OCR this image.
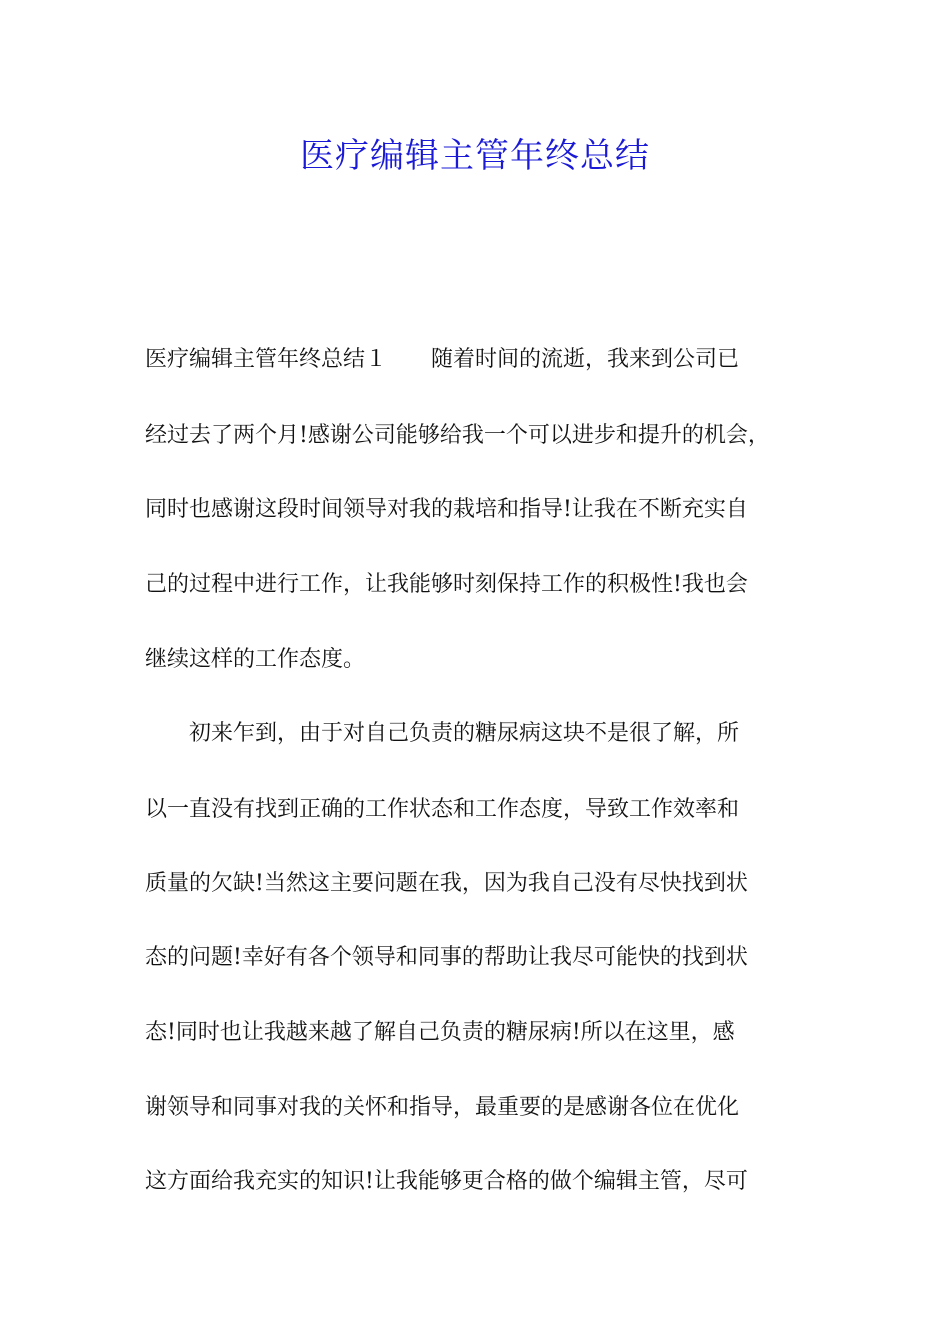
医疗编辑主管年终总结

医疗编辑主管年终总结１　　随着时间的流逝，我来到公司已

经过去了两个月!感谢公司能够给我一个可以进步和提升的机会，

同时也感谢这段时间领导对我的栽培和指导!让我在不断充实自

己的过程中进行工作，让我能够时刻保持工作的积极性!我也会

继续这样的工作态度。

　　初来乍到，由于对自己负责的糖尿病这块不是很了解，所

以一直没有找到正确的工作状态和工作态度，导致工作效率和

质量的欠缺!当然这主要问题在我，因为我自己没有尽快找到状

态的问题!幸好有各个领导和同事的帮助让我尽可能快的找到状

态!同时也让我越来越了解自己负责的糖尿病!所以在这里，感

谢领导和同事对我的关怀和指导，最重要的是感谢各位在优化

这方面给我充实的知识!让我能够更合格的做个编辑主管，尽可
